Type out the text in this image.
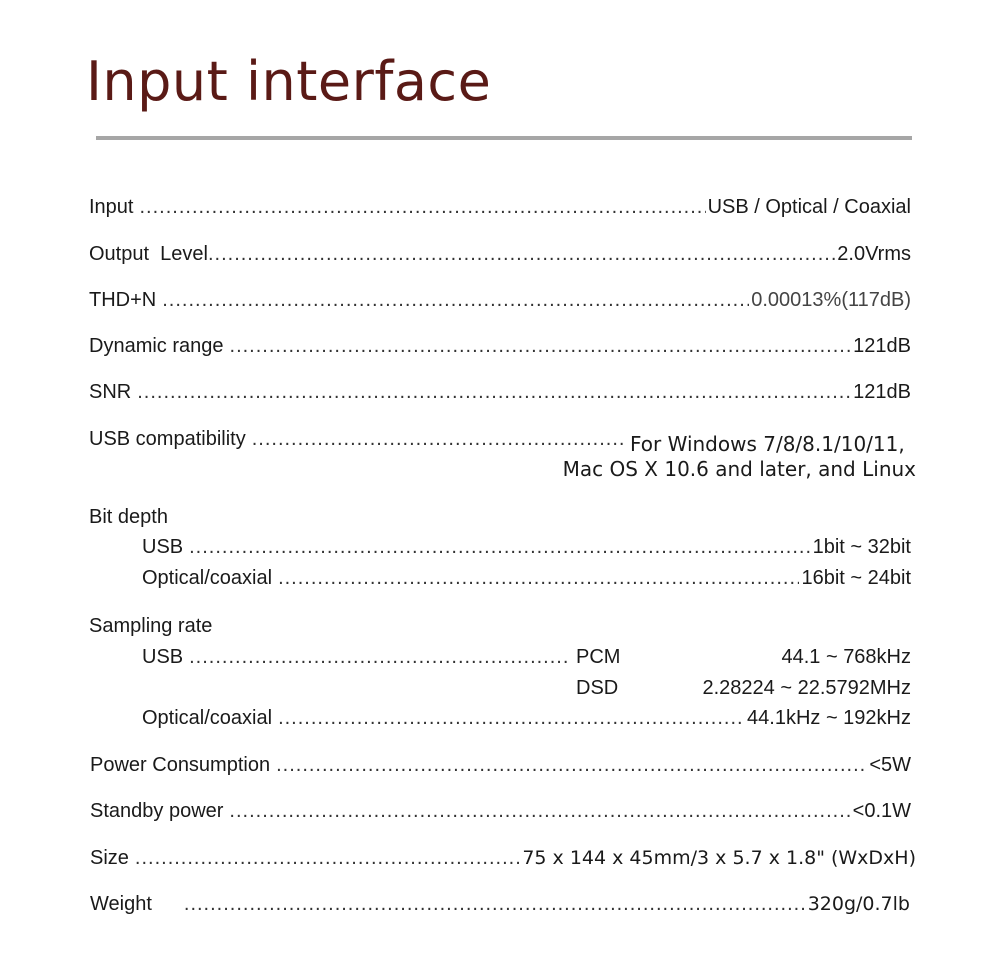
Input interface
Input .....	USB / Optical / Coaxial
Output  Level .....	2.0Vrms
THD+N .....	0.00013%(117dB)
Dynamic range .....	121dB
SNR .....	121dB
USB compatibility .....	For Windows 7/8/8.1/10/11,
Mac OS X 10.6 and later, and Linux
Bit depth
USB .....	1bit ~ 32bit
Optical/coaxial .....	16bit ~ 24bit
Sampling rate
USB .....	PCM	44.1 ~ 768kHz
DSD	2.28224 ~ 22.5792MHz
Optical/coaxial .....	44.1kHz ~ 192kHz
Power Consumption .....	<5W
Standby power .....	<0.1W
Size .....	75 x 144 x 45mm/3 x 5.7 x 1.8" (WxDxH)
Weight .....	320g/0.7lb
